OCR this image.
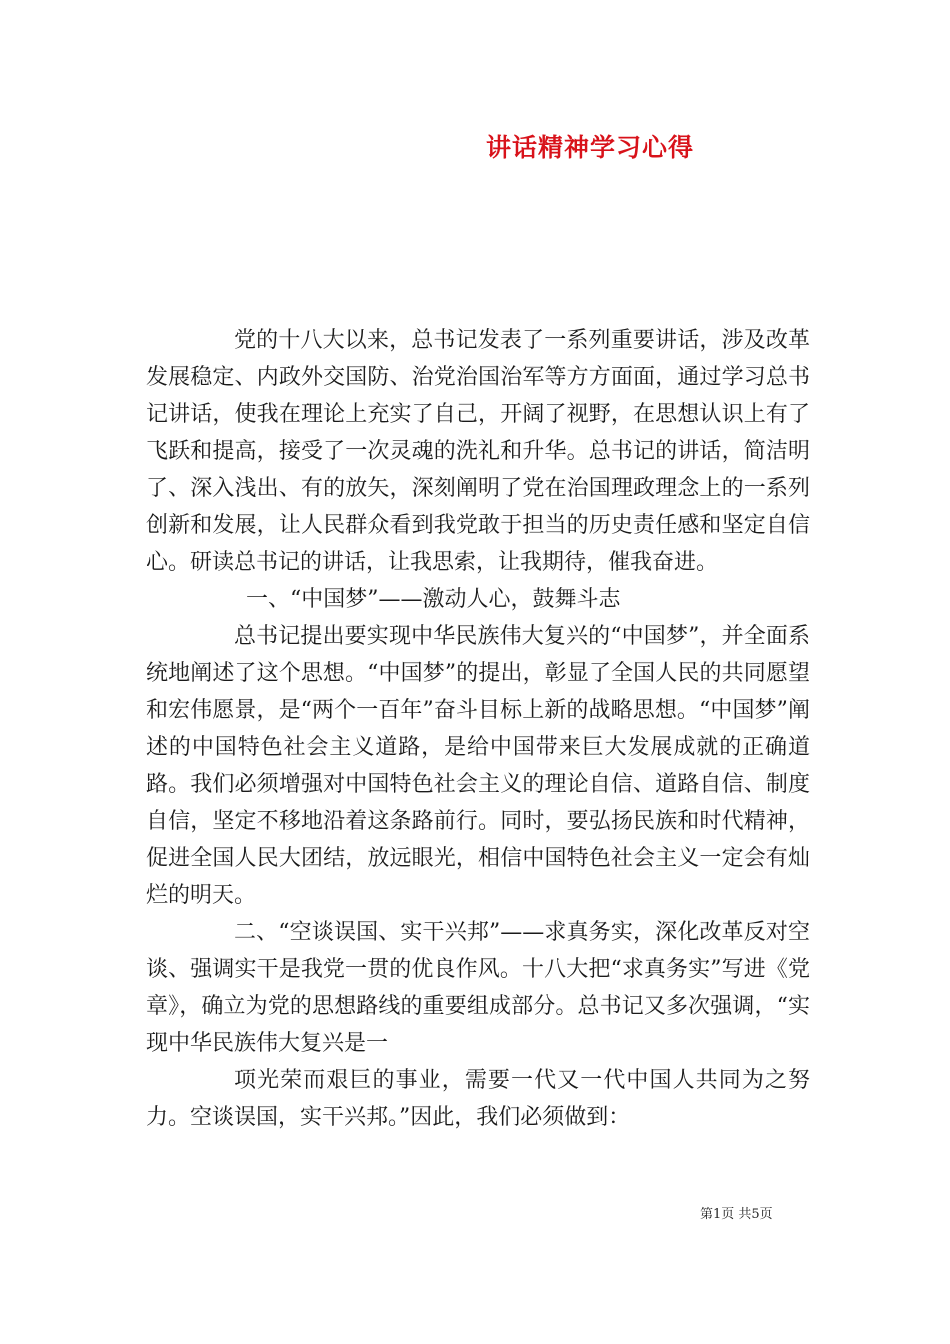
讲话精神学习心得

党的十八大以来，总书记发表了一系列重要讲话，涉及改革发展稳定、内政外交国防、治党治国治军等方方面面，通过学习总书记讲话，使我在理论上充实了自己，开阔了视野，在思想认识上有了飞跃和提高，接受了一次灵魂的洗礼和升华。总书记的讲话，简洁明了、深入浅出、有的放矢，深刻阐明了党在治国理政理念上的一系列创新和发展，让人民群众看到我党敢于担当的历史责任感和坚定自信心。研读总书记的讲话，让我思索，让我期待，催我奋进。

一、“中国梦”——激动人心，鼓舞斗志

总书记提出要实现中华民族伟大复兴的“中国梦”，并全面系统地阐述了这个思想。“中国梦”的提出，彰显了全国人民的共同愿望和宏伟愿景，是“两个一百年”奋斗目标上新的战略思想。“中国梦”阐述的中国特色社会主义道路，是给中国带来巨大发展成就的正确道路。我们必须增强对中国特色社会主义的理论自信、道路自信、制度自信，坚定不移地沿着这条路前行。同时，要弘扬民族和时代精神，促进全国人民大团结，放远眼光，相信中国特色社会主义一定会有灿烂的明天。

二、“空谈误国、实干兴邦”——求真务实，深化改革反对空谈、强调实干是我党一贯的优良作风。十八大把“求真务实”写进《党章》，确立为党的思想路线的重要组成部分。总书记又多次强调，“实现中华民族伟大复兴是一

项光荣而艰巨的事业，需要一代又一代中国人共同为之努力。空谈误国，实干兴邦。”因此，我们必须做到：

第1页 共5页
